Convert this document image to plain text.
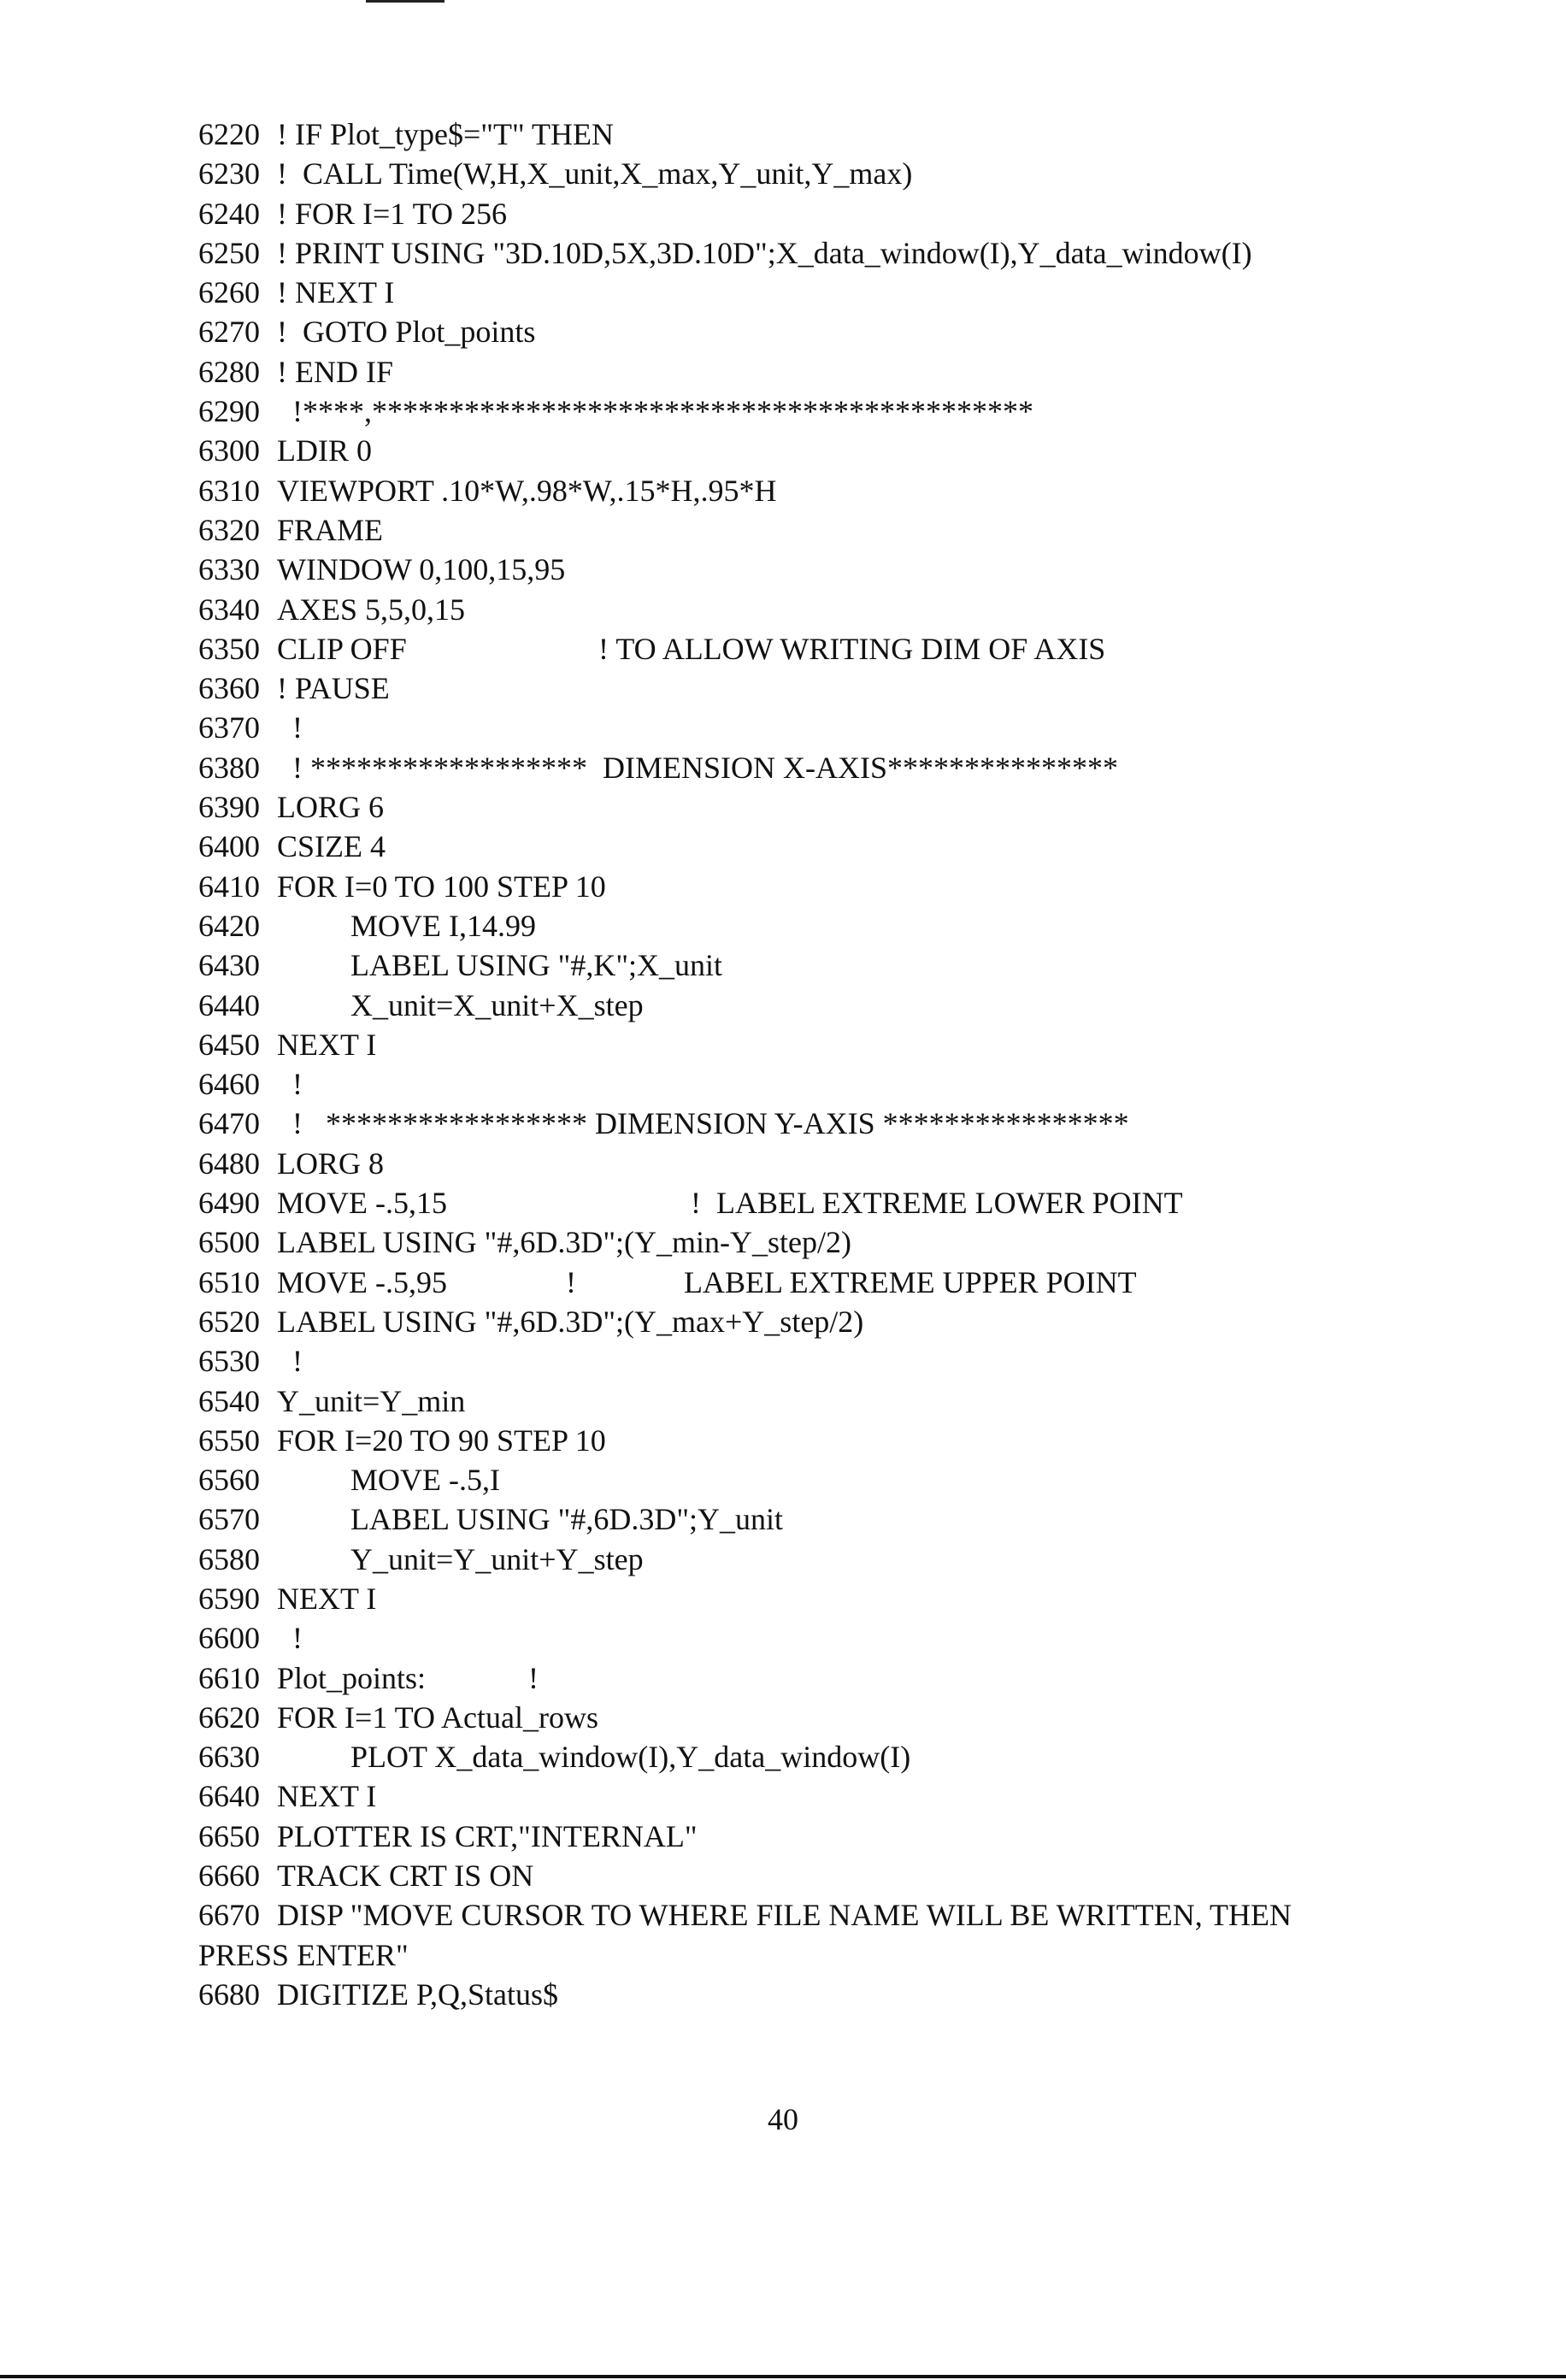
6220 ! IF Plot_type$="T" THEN
6230 !  CALL Time(W,H,X_unit,X_max,Y_unit,Y_max)
6240 ! FOR I=1 TO 256
6250 ! PRINT USING "3D.10D,5X,3D.10D";X_data_window(I),Y_data_window(I)
6260 ! NEXT I
6270 !  GOTO Plot_points
6280 ! END IF
6290 !****,*******************************************
6300 LDIR 0
6310 VIEWPORT .10*W,.98*W,.15*H,.95*H
6320 FRAME
6330 WINDOW 0,100,15,95
6340 AXES 5,5,0,15
6350 CLIP OFF	! TO ALLOW WRITING DIM OF AXIS
6360 ! PAUSE
6370 !
6380 ! ******************  DIMENSION X-AXIS***************
6390 LORG 6
6400 CSIZE 4
6410 FOR I=0 TO 100 STEP 10
6420	MOVE I,14.99
6430	LABEL USING "#,K";X_unit
6440	X_unit=X_unit+X_step
6450 NEXT I
6460 !
6470 !   ***************** DIMENSION Y-AXIS ****************
6480 LORG 8
6490 MOVE -.5,15	!  LABEL EXTREME LOWER POINT
6500 LABEL USING "#,6D.3D";(Y_min-Y_step/2)
6510 MOVE -.5,95	!              LABEL EXTREME UPPER POINT
6520 LABEL USING "#,6D.3D";(Y_max+Y_step/2)
6530 !
6540 Y_unit=Y_min
6550 FOR I=20 TO 90 STEP 10
6560	MOVE -.5,I
6570	LABEL USING "#,6D.3D";Y_unit
6580	Y_unit=Y_unit+Y_step
6590 NEXT I
6600 !
6610 Plot_points:	!
6620 FOR I=1 TO Actual_rows
6630	PLOT X_data_window(I),Y_data_window(I)
6640 NEXT I
6650 PLOTTER IS CRT,"INTERNAL"
6660 TRACK CRT IS ON
6670 DISP "MOVE CURSOR TO WHERE FILE NAME WILL BE WRITTEN, THEN
PRESS ENTER"
6680 DIGITIZE P,Q,Status$
40
